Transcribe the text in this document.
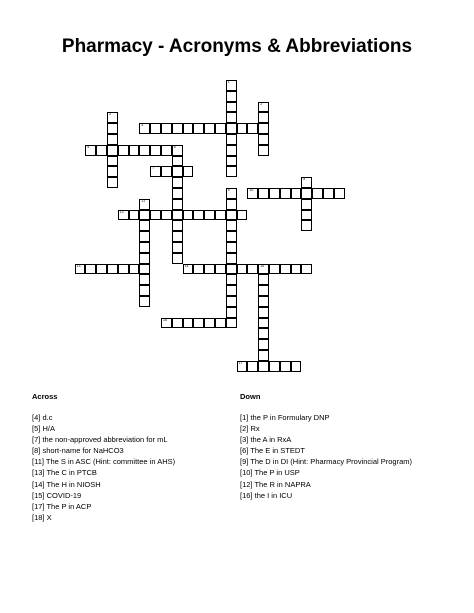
Pharmacy - Acronyms & Abbreviations
1
2
3
4
5	6
7
8
9	10
11
12
13	14	15
16
17
Across
[4] d.c
[5] H/A
[7] the non-approved abbreviation for mL
[8] short-name for NaHCO3
[11] The S in ASC (Hint: committee in AHS)
[13] The C in PTCB
[14] The H in NIOSH
[15] COVID-19
[17] The P in ACP
[18] X
Down
[1] the P in Formulary DNP
[2] Rx
[3] the A in RxA
[6] The E in STEDT
[9] The D in DI (Hint: Pharmacy Provincial Program)
[10] The P in USP
[12] The R in NAPRA
[16] the I in ICU
